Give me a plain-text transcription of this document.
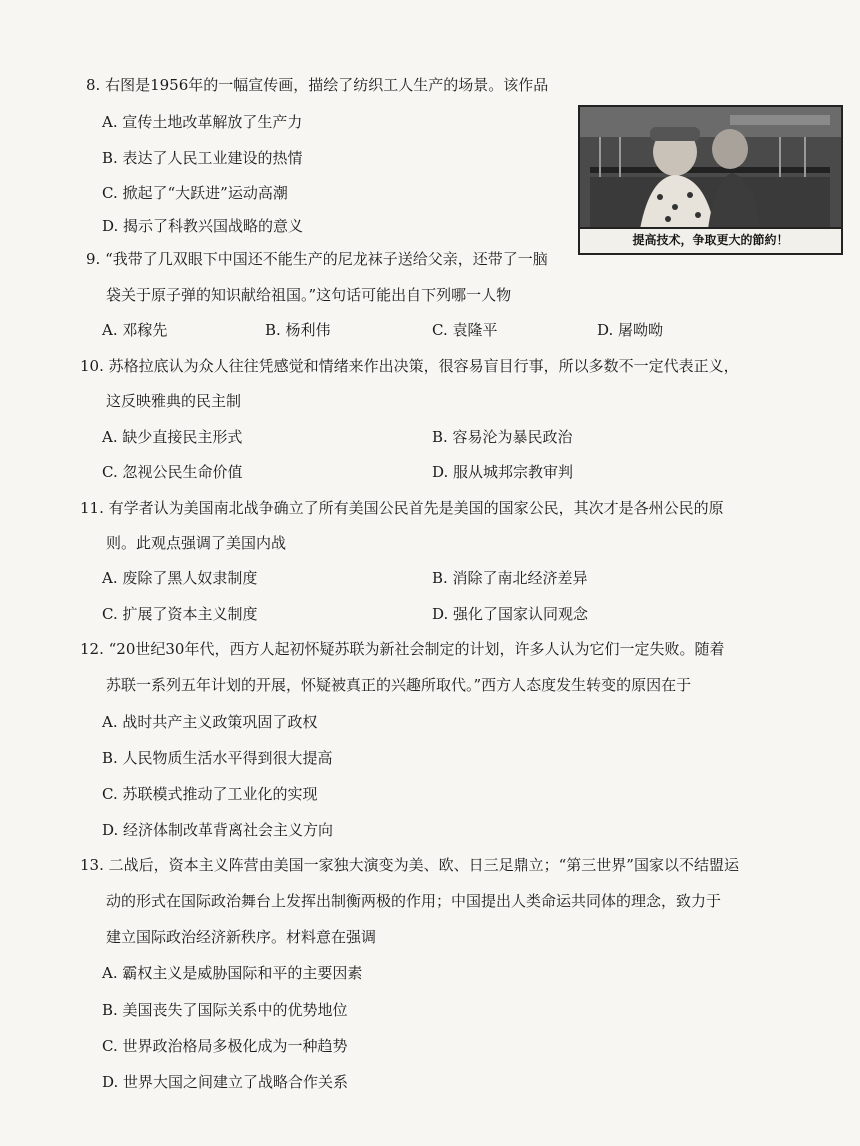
8. 右图是1956年的一幅宣传画，描绘了纺织工人生产的场景。该作品
A. 宣传土地改革解放了生产力
B. 表达了人民工业建设的热情
C. 掀起了“大跃进”运动高潮
D. 揭示了科教兴国战略的意义
提高技术，争取更大的節約！
9. “我带了几双眼下中国还不能生产的尼龙袜子送给父亲，还带了一脑
袋关于原子弹的知识献给祖国。”这句话可能出自下列哪一人物
A. 邓稼先	B. 杨利伟	C. 袁隆平	D. 屠呦呦
10. 苏格拉底认为众人往往凭感觉和情绪来作出决策，很容易盲目行事，所以多数不一定代表正义，
这反映雅典的民主制
A. 缺少直接民主形式	B. 容易沦为暴民政治
C. 忽视公民生命价值	D. 服从城邦宗教审判
11. 有学者认为美国南北战争确立了所有美国公民首先是美国的国家公民，其次才是各州公民的原
则。此观点强调了美国内战
A. 废除了黑人奴隶制度	B. 消除了南北经济差异
C. 扩展了资本主义制度	D. 强化了国家认同观念
12. “20世纪30年代，西方人起初怀疑苏联为新社会制定的计划，许多人认为它们一定失败。随着
苏联一系列五年计划的开展，怀疑被真正的兴趣所取代。”西方人态度发生转变的原因在于
A. 战时共产主义政策巩固了政权
B. 人民物质生活水平得到很大提高
C. 苏联模式推动了工业化的实现
D. 经济体制改革背离社会主义方向
13. 二战后，资本主义阵营由美国一家独大演变为美、欧、日三足鼎立；“第三世界”国家以不结盟运
动的形式在国际政治舞台上发挥出制衡两极的作用；中国提出人类命运共同体的理念，致力于
建立国际政治经济新秩序。材料意在强调
A. 霸权主义是威胁国际和平的主要因素
B. 美国丧失了国际关系中的优势地位
C. 世界政治格局多极化成为一种趋势
D. 世界大国之间建立了战略合作关系
